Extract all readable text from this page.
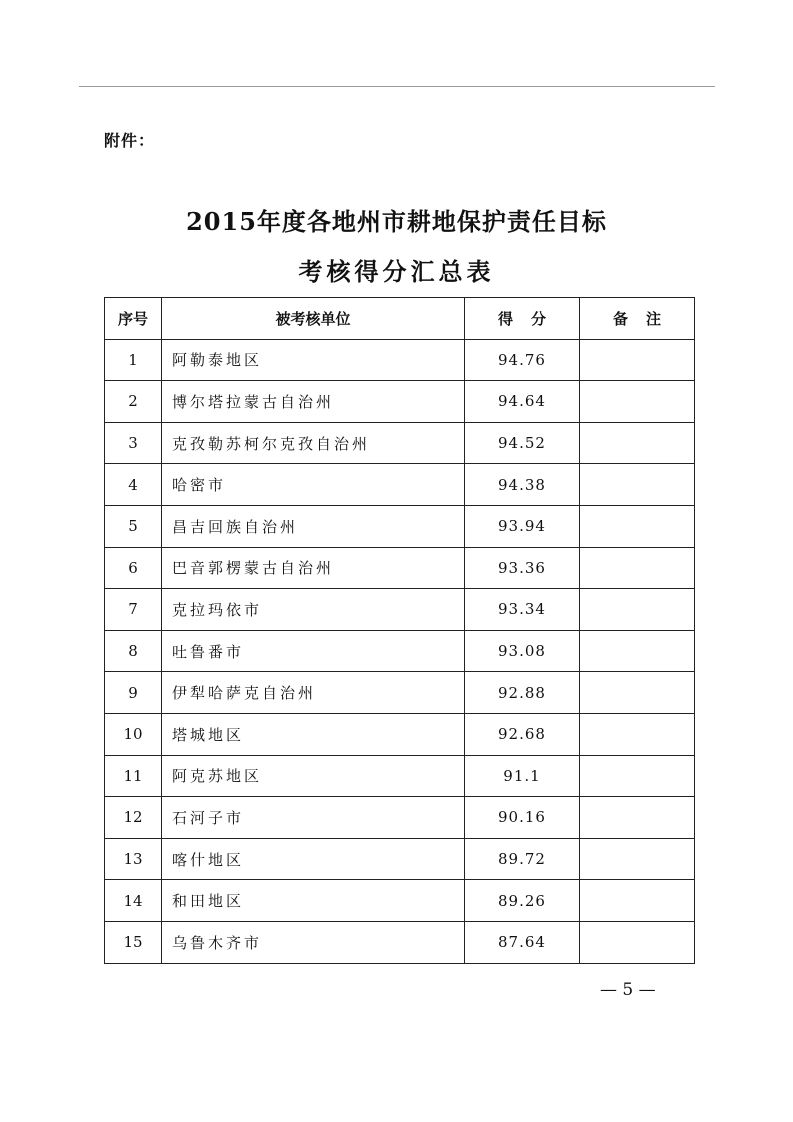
附件：
2015年度各地州市耕地保护责任目标
考核得分汇总表
序号	被考核单位	得分	备注
1	阿勒泰地区	94.76	
2	博尔塔拉蒙古自治州	94.64	
3	克孜勒苏柯尔克孜自治州	94.52	
4	哈密市	94.38	
5	昌吉回族自治州	93.94	
6	巴音郭楞蒙古自治州	93.36	
7	克拉玛依市	93.34	
8	吐鲁番市	93.08	
9	伊犁哈萨克自治州	92.88	
10	塔城地区	92.68	
11	阿克苏地区	91.1	
12	石河子市	90.16	
13	喀什地区	89.72	
14	和田地区	89.26	
15	乌鲁木齐市	87.64	
— 5 —
